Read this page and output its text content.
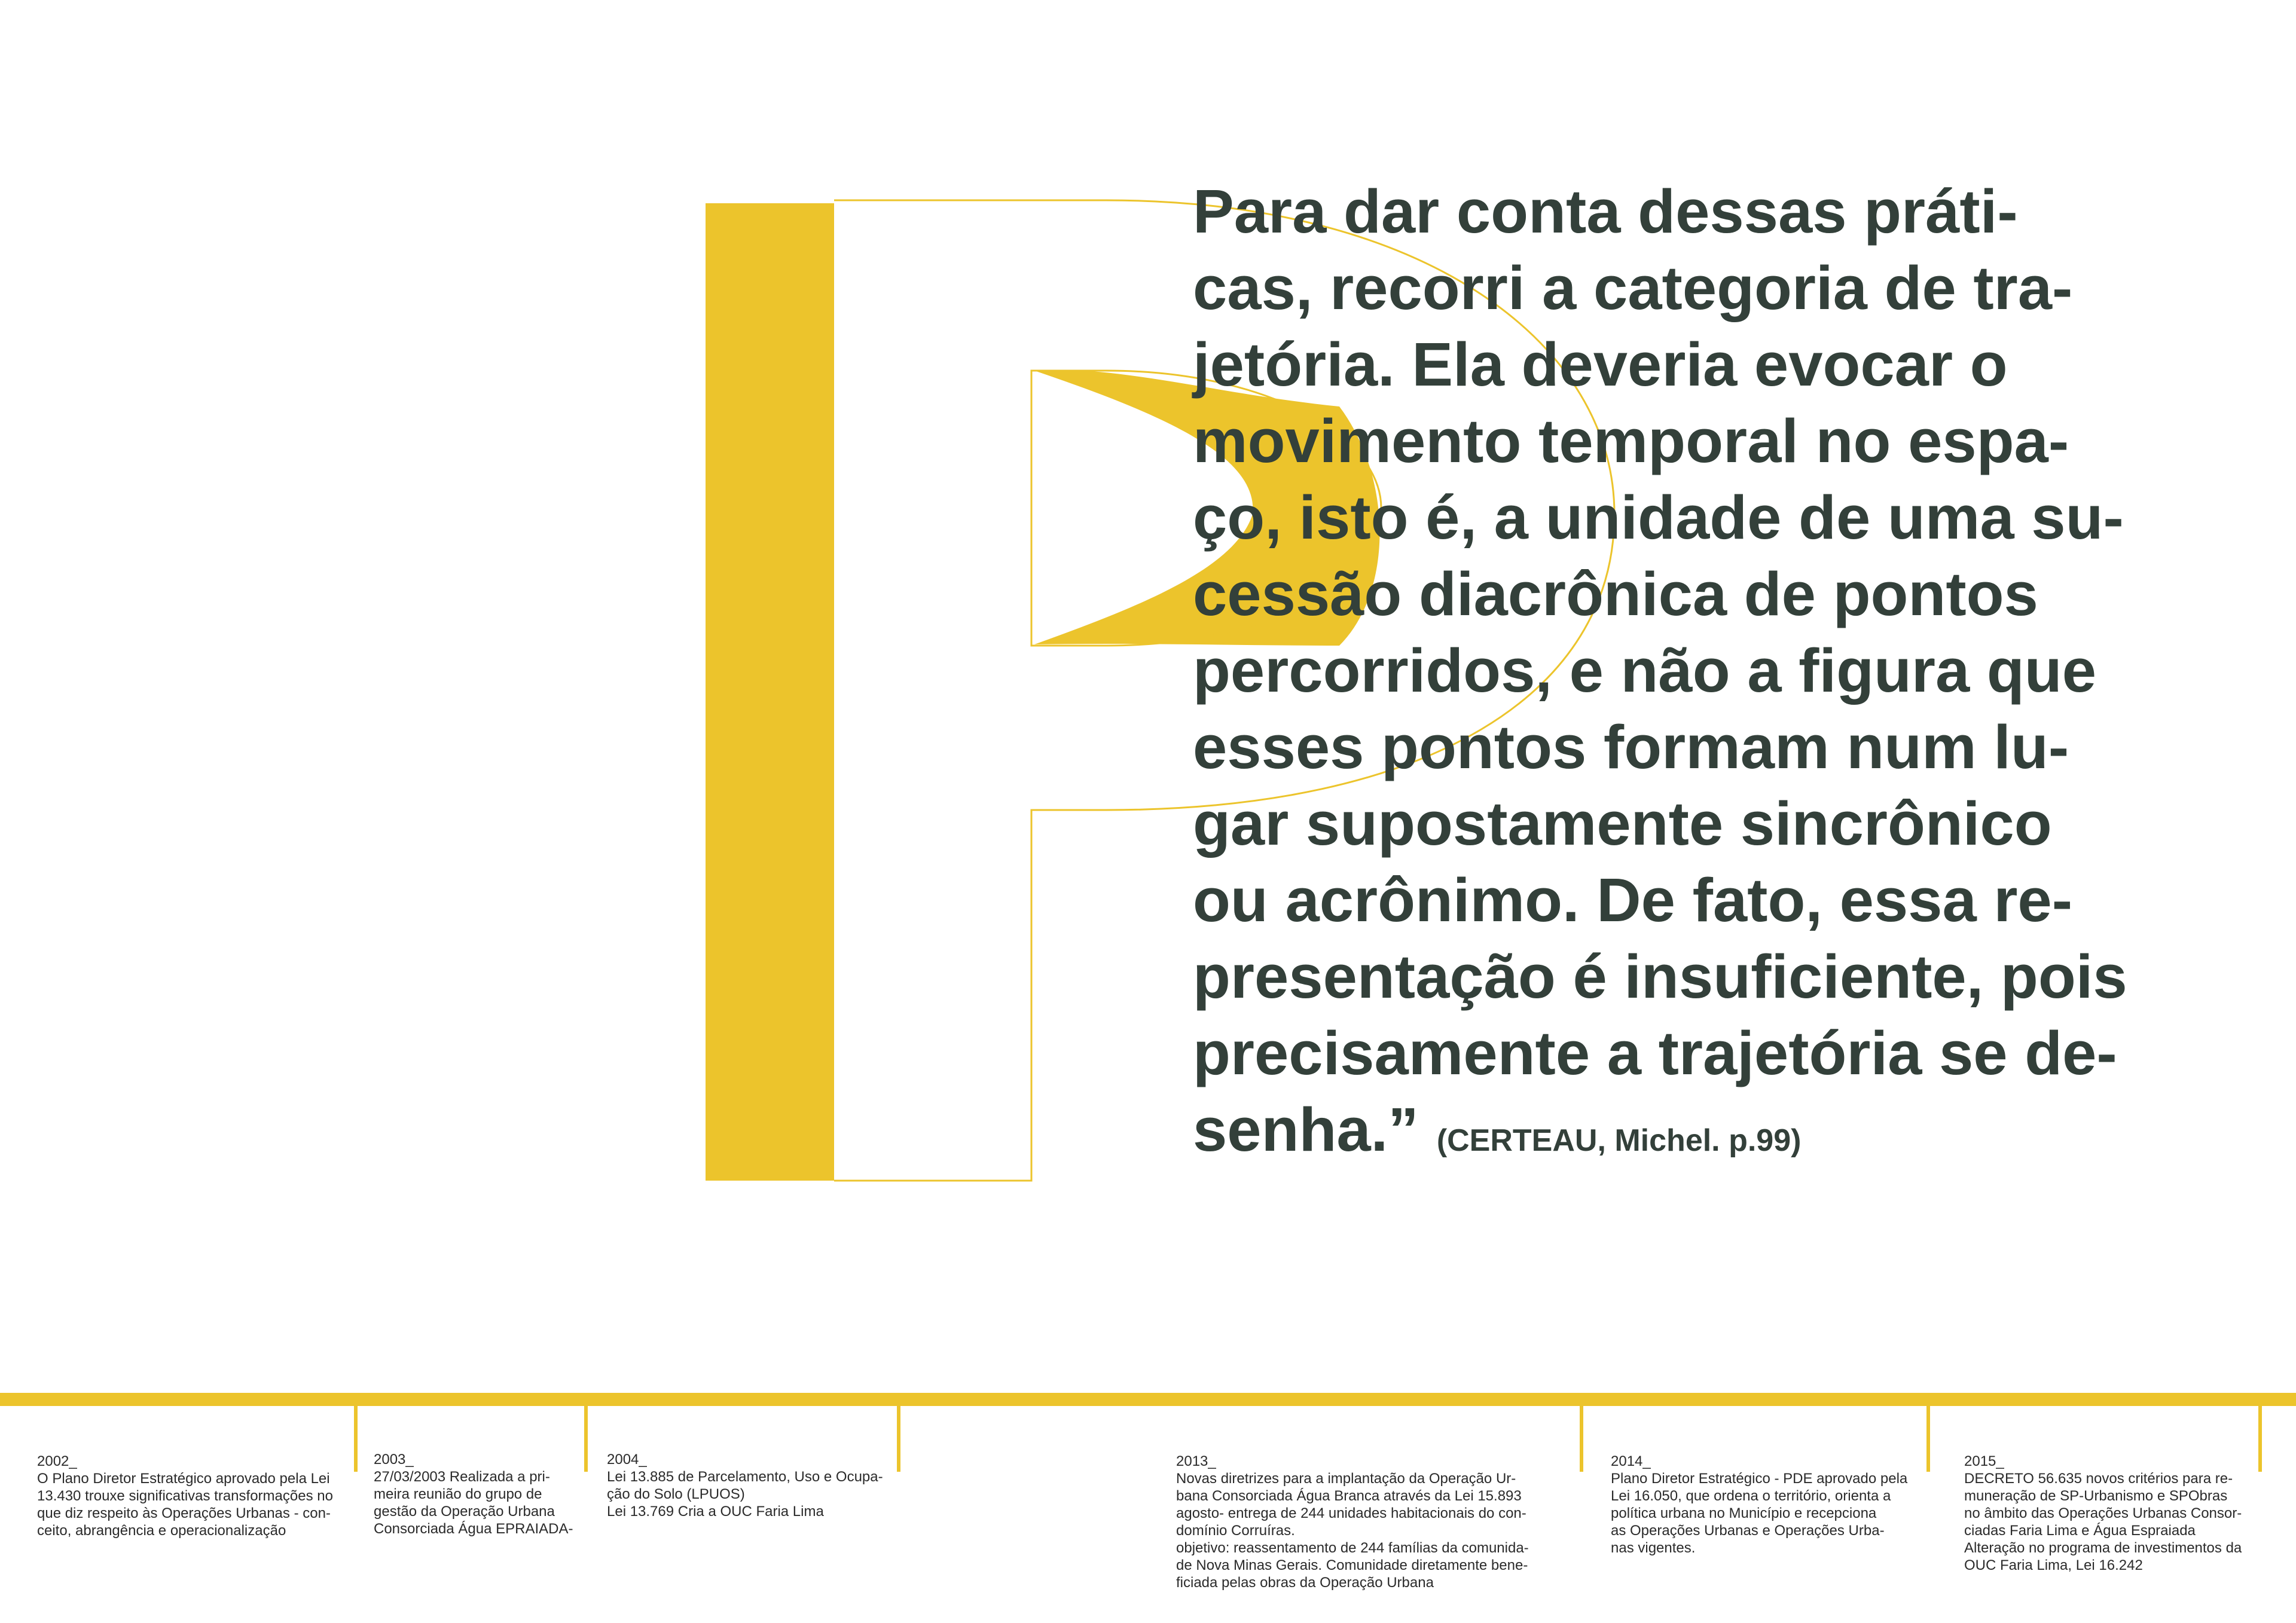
Para dar conta dessas práti-
cas, recorri a categoria de tra-
jetória. Ela deveria evocar o
movimento temporal no espa-
ço, isto é, a unidade de uma su-
cessão diacrônica de pontos
percorridos, e não a figura que
esses pontos formam num lu-
gar supostamente sincrônico
ou acrônimo. De fato, essa re-
presentação é insuficiente, pois
precisamente a trajetória se de-
senha.” (CERTEAU, Michel. p.99)
2002_
O Plano Diretor Estratégico aprovado pela Lei
13.430 trouxe significativas transformações no
que diz respeito às Operações Urbanas - con-
ceito, abrangência e operacionalização
2003_
27/03/2003 Realizada a pri-
meira reunião do grupo de
gestão da Operação Urbana
Consorciada Água EPRAIADA-
2004_
Lei 13.885 de Parcelamento, Uso e Ocupa-
ção do Solo (LPUOS)
Lei 13.769 Cria a OUC Faria Lima
2013_
Novas diretrizes para a implantação da Operação Ur-
bana Consorciada Água Branca através da Lei 15.893
agosto- entrega de 244 unidades habitacionais do con-
domínio Corruíras.
objetivo: reassentamento de 244 famílias da comunida-
de Nova Minas Gerais. Comunidade diretamente bene-
ficiada pelas obras da Operação Urbana
2014_
Plano Diretor Estratégico - PDE aprovado pela
Lei 16.050, que ordena o território, orienta a
política urbana no Município e recepciona
as Operações Urbanas e Operações Urba-
nas vigentes.
2015_
DECRETO 56.635 novos critérios para re-
muneração de SP-Urbanismo e SPObras
no âmbito das Operações Urbanas Consor-
ciadas Faria Lima e Água Espraiada
Alteração no programa de investimentos da
OUC Faria Lima, Lei 16.242
